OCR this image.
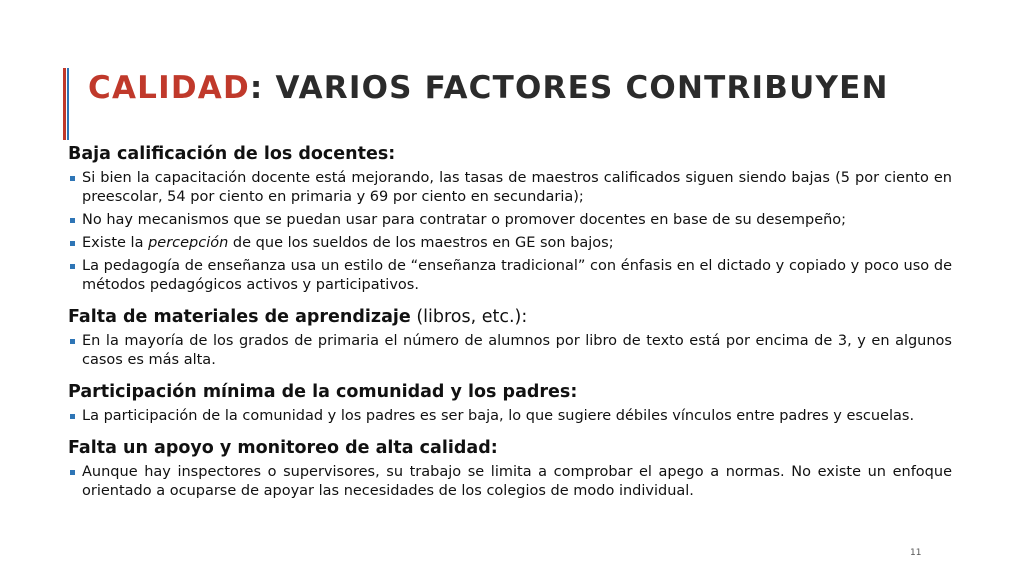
CALIDAD: VARIOS FACTORES CONTRIBUYEN
Baja calificación de los docentes:
Si bien la capacitación docente está mejorando, las tasas de maestros calificados siguen siendo bajas (5 por ciento en preescolar, 54 por ciento en primaria y 69 por ciento en secundaria);
No hay mecanismos que se puedan usar para contratar o promover docentes en base de su desempeño;
Existe la percepción de que los sueldos de los maestros en GE son bajos;
La pedagogía de enseñanza usa un estilo de “enseñanza tradicional” con énfasis en el dictado y copiado y poco uso de métodos pedagógicos activos y participativos.
Falta de materiales de aprendizaje (libros, etc.):
En la mayoría de los grados de primaria el número de alumnos por libro de texto está por encima de 3, y en algunos casos es más alta.
Participación mínima de la comunidad y los padres:
La participación de la comunidad y los padres es ser baja, lo que sugiere débiles vínculos entre padres y escuelas.
Falta un apoyo y monitoreo de alta calidad:
Aunque hay inspectores o supervisores, su trabajo se limita a comprobar el apego a normas. No existe un enfoque orientado a ocuparse de apoyar las necesidades de los colegios de modo individual.
11
